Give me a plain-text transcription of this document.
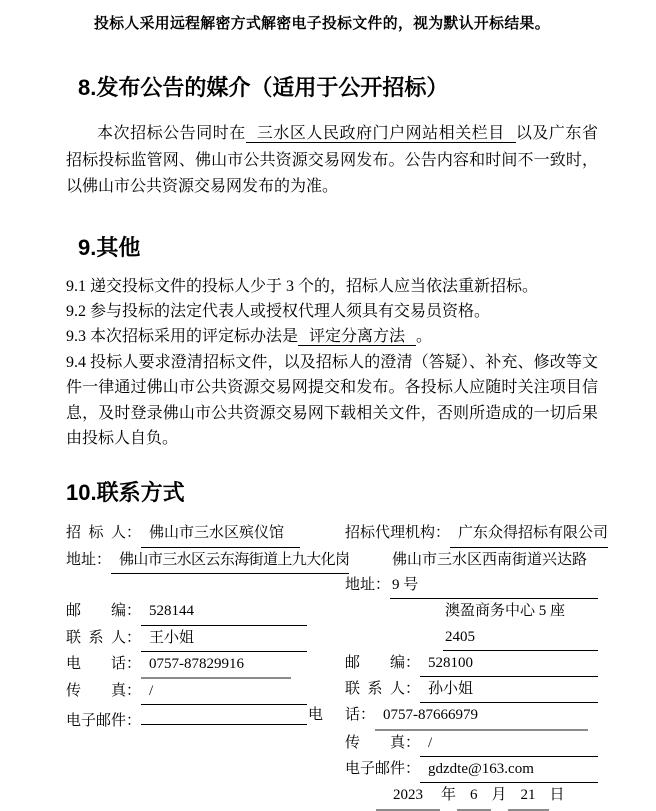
投标人采用远程解密方式解密电子投标文件的，视为默认开标结果。

8.发布公告的媒介（适用于公开招标）

本次招标公告同时在 三水区人民政府门户网站相关栏目 以及广东省招标投标监管网、佛山市公共资源交易网发布。公告内容和时间不一致时，以佛山市公共资源交易网发布的为准。

9.其他

9.1 递交投标文件的投标人少于 3 个的，招标人应当依法重新招标。

9.2 参与投标的法定代表人或授权代理人须具有交易员资格。

9.3 本次招标采用的评定标办法是 评定分离方法 。

9.4 投标人要求澄清招标文件，以及招标人的澄清（答疑）、补充、修改等文件一律通过佛山市公共资源交易网提交和发布。各投标人应随时关注项目信息，及时登录佛山市公共资源交易网下载相关文件，否则所造成的一切后果由投标人自负。

10.联系方式
招  标  人： 佛山市三水区殡仪馆
地址： 佛山市三水区云东海街道上九大化岗
邮　　编： 528144
联  系  人： 王小姐
电　　话： 0757-87829916
传　　真： /
电子邮件：
招标代理机构： 广东众得招标有限公司
地址：
佛山市三水区西南街道兴达路 9 号
澳盈商务中心 5 座 2405
邮　　编： 528100
联  系  人： 孙小姐
电 话： 0757-87666979
传　　真： /
电子邮件： gdzdte@163.com
2023	年 6 月 21 日
